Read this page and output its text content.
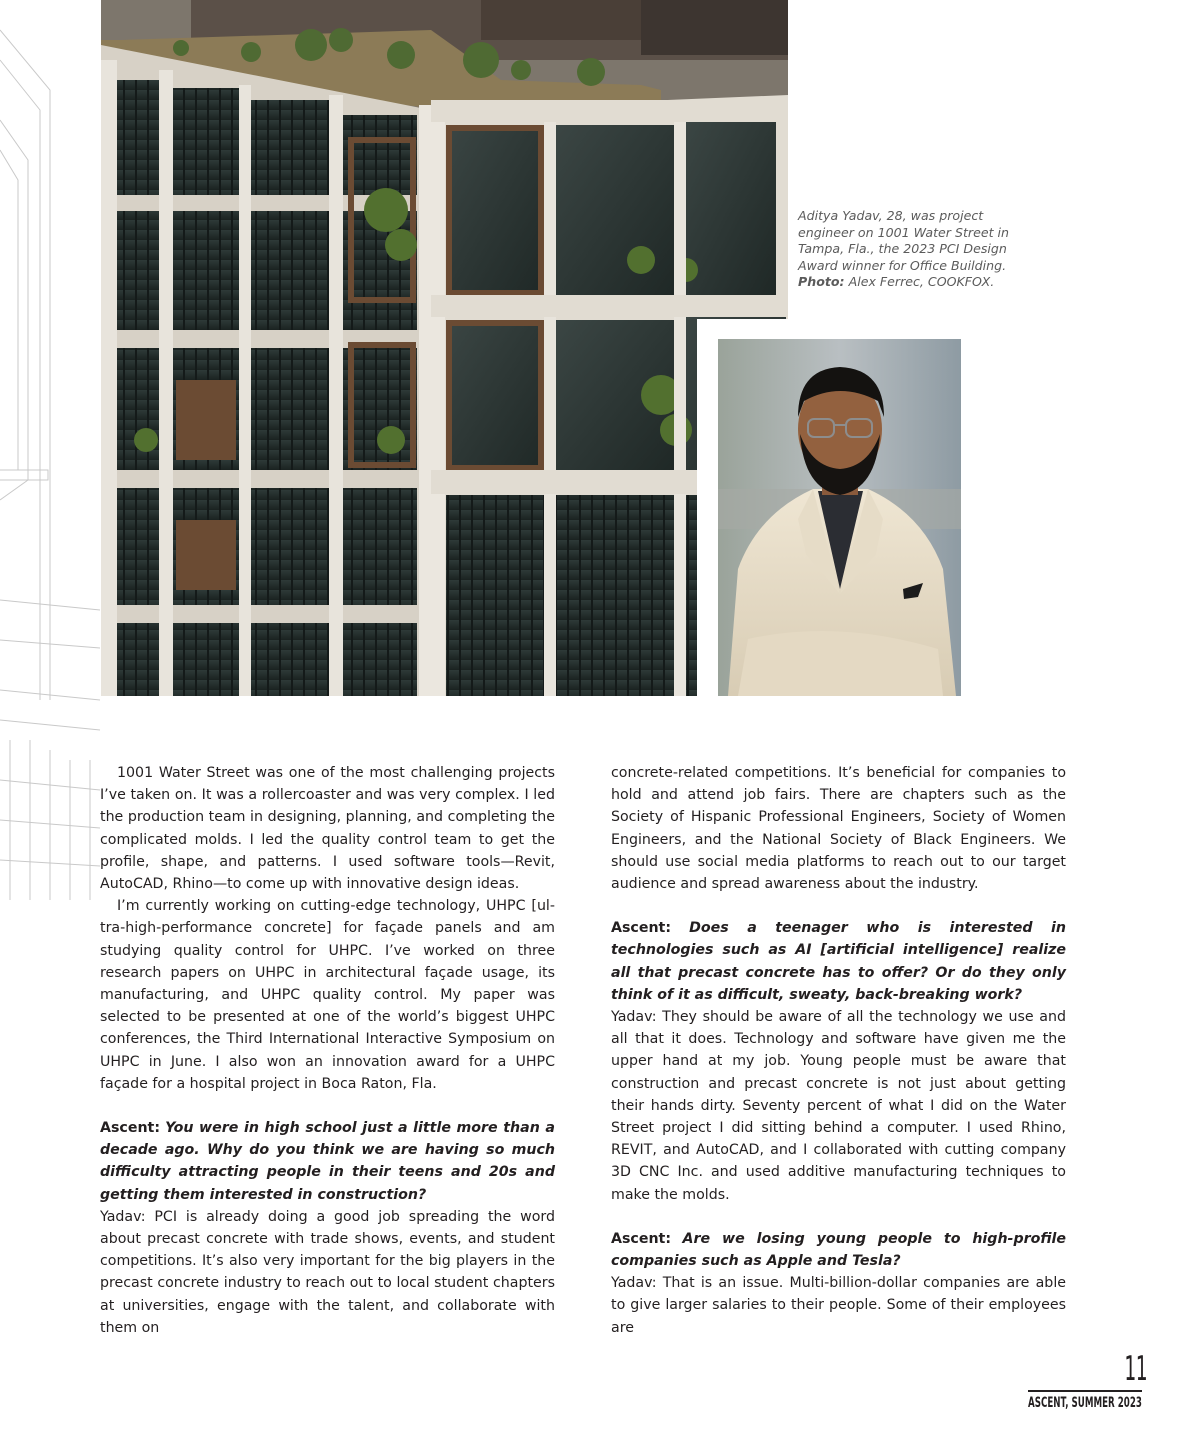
Aditya Yadav, 28, was project engineer on 1001 Water Street in Tampa, Fla., the 2023 PCI Design Award winner for Office Building. Photo: Alex Ferrec, COOKFOX.

1001 Water Street was one of the most challenging projects I’ve taken on. It was a rollercoaster and was very complex. I led the production team in designing, planning, and completing the complicated molds. I led the quality control team to get the profile, shape, and patterns. I used software tools—Revit, AutoCAD, Rhino—to come up with innovative design ideas.

I’m currently working on cutting-edge technology, UHPC [ultra-high-performance concrete] for façade panels and am studying quality control for UHPC. I’ve worked on three research papers on UHPC in architectural façade usage, its manufacturing, and UHPC quality control. My paper was selected to be presented at one of the world’s biggest UHPC conferences, the Third International Interactive Symposium on UHPC in June. I also won an innovation award for a UHPC façade for a hospital project in Boca Raton, Fla.

Ascent: You were in high school just a little more than a decade ago. Why do you think we are having so much difficulty attracting people in their teens and 20s and getting them interested in construction?

Yadav: PCI is already doing a good job spreading the word about precast concrete with trade shows, events, and student competitions. It’s also very important for the big players in the precast concrete industry to reach out to local student chapters at universities, engage with the talent, and collaborate with them on

concrete-related competitions. It’s beneficial for companies to hold and attend job fairs. There are chapters such as the Society of Hispanic Professional Engineers, Society of Women Engineers, and the National Society of Black Engineers. We should use social media platforms to reach out to our target audience and spread awareness about the industry.

Ascent: Does a teenager who is interested in technologies such as AI [artificial intelligence] realize all that precast concrete has to offer? Or do they only think of it as difficult, sweaty, back-breaking work?

Yadav: They should be aware of all the technology we use and all that it does. Technology and software have given me the upper hand at my job. Young people must be aware that construction and precast concrete is not just about getting their hands dirty. Seventy percent of what I did on the Water Street project I did sitting behind a computer. I used Rhino, REVIT, and AutoCAD, and I collaborated with cutting company 3D CNC Inc. and used additive manufacturing techniques to make the molds.

Ascent: Are we losing young people to high-profile companies such as Apple and Tesla?

Yadav: That is an issue. Multi-billion-dollar companies are able to give larger salaries to their people. Some of their employees are

11
ASCENT, SUMMER 2023
